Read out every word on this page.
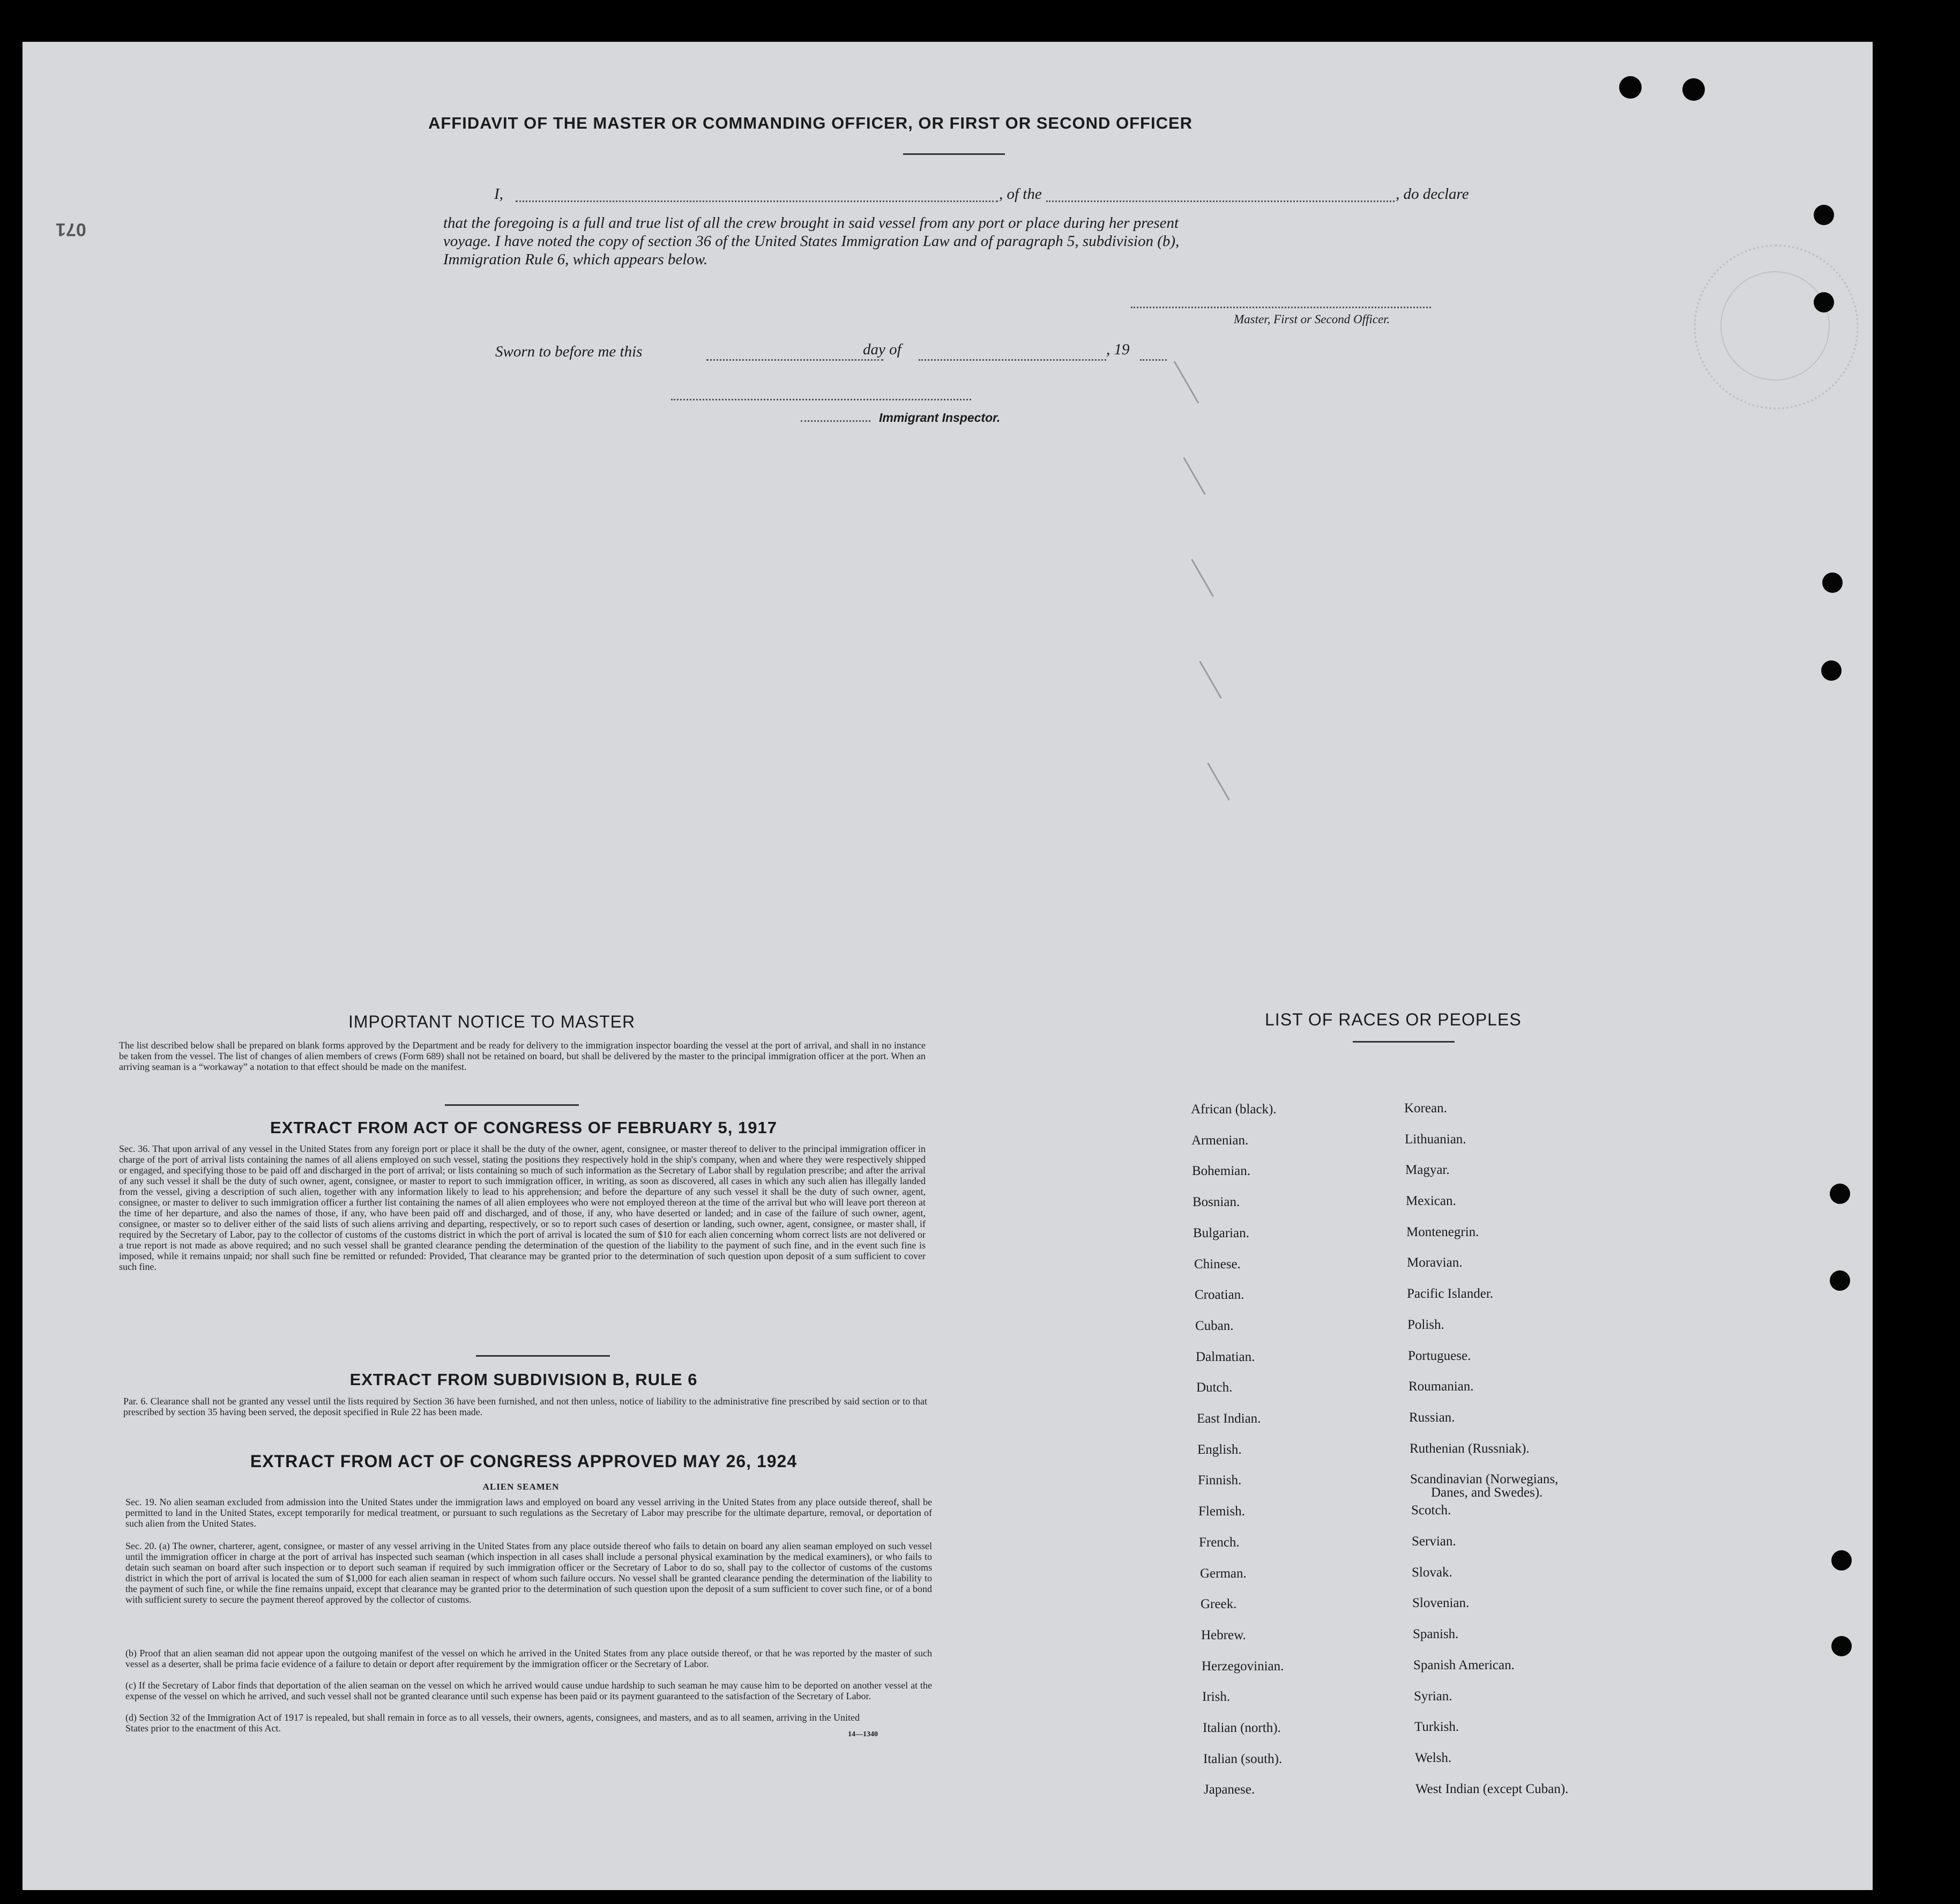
071
AFFIDAVIT OF THE MASTER OR COMMANDING OFFICER, OR FIRST OR SECOND OFFICER
I,	, of the	, do declare
that the foregoing is a full and true list of all the crew brought in said vessel from any port or place during her present
voyage. I have noted the copy of section 36 of the United States Immigration Law and of paragraph 5, subdivision (b),
Immigration Rule 6, which appears below.
Master, First or Second Officer.
Sworn to before me this	day of	, 19
Immigrant Inspector.
IMPORTANT NOTICE TO MASTER
The list described below shall be prepared on blank forms approved by the Department and be ready for delivery to the immigration inspector boarding the vessel at the port of arrival, and shall in no instance be taken from the vessel. The list of changes of alien members of crews (Form 689) shall not be retained on board, but shall be delivered by the master to the principal immigration officer at the port. When an arriving seaman is a “workaway” a notation to that effect should be made on the manifest.
EXTRACT FROM ACT OF CONGRESS OF FEBRUARY 5, 1917
Sec. 36. That upon arrival of any vessel in the United States from any foreign port or place it shall be the duty of the owner, agent, consignee, or master thereof to deliver to the principal immigration officer in charge of the port of arrival lists containing the names of all aliens employed on such vessel, stating the positions they respectively hold in the ship's company, when and where they were respectively shipped or engaged, and specifying those to be paid off and discharged in the port of arrival; or lists containing so much of such information as the Secretary of Labor shall by regulation prescribe; and after the arrival of any such vessel it shall be the duty of such owner, agent, consignee, or master to report to such immigration officer, in writing, as soon as discovered, all cases in which any such alien has illegally landed from the vessel, giving a description of such alien, together with any information likely to lead to his apprehension; and before the departure of any such vessel it shall be the duty of such owner, agent, consignee, or master to deliver to such immigration officer a further list containing the names of all alien employees who were not employed thereon at the time of the arrival but who will leave port thereon at the time of her departure, and also the names of those, if any, who have been paid off and discharged, and of those, if any, who have deserted or landed; and in case of the failure of such owner, agent, consignee, or master so to deliver either of the said lists of such aliens arriving and departing, respectively, or so to report such cases of desertion or landing, such owner, agent, consignee, or master shall, if required by the Secretary of Labor, pay to the collector of customs of the customs district in which the port of arrival is located the sum of $10 for each alien concerning whom correct lists are not delivered or a true report is not made as above required; and no such vessel shall be granted clearance pending the determination of the question of the liability to the payment of such fine, and in the event such fine is imposed, while it remains unpaid; nor shall such fine be remitted or refunded: Provided, That clearance may be granted prior to the determination of such question upon deposit of a sum sufficient to cover such fine.
EXTRACT FROM SUBDIVISION B, RULE 6
Par. 6. Clearance shall not be granted any vessel until the lists required by Section 36 have been furnished, and not then unless, notice of liability to the administrative fine prescribed by said section or to that prescribed by section 35 having been served, the deposit specified in Rule 22 has been made.
EXTRACT FROM ACT OF CONGRESS APPROVED MAY 26, 1924
ALIEN SEAMEN
Sec. 19. No alien seaman excluded from admission into the United States under the immigration laws and employed on board any vessel arriving in the United States from any place outside thereof, shall be permitted to land in the United States, except temporarily for medical treatment, or pursuant to such regulations as the Secretary of Labor may prescribe for the ultimate departure, removal, or deportation of such alien from the United States.
Sec. 20. (a) The owner, charterer, agent, consignee, or master of any vessel arriving in the United States from any place outside thereof who fails to detain on board any alien seaman employed on such vessel until the immigration officer in charge at the port of arrival has inspected such seaman (which inspection in all cases shall include a personal physical examination by the medical examiners), or who fails to detain such seaman on board after such inspection or to deport such seaman if required by such immigration officer or the Secretary of Labor to do so, shall pay to the collector of customs of the customs district in which the port of arrival is located the sum of $1,000 for each alien seaman in respect of whom such failure occurs. No vessel shall be granted clearance pending the determination of the liability to the payment of such fine, or while the fine remains unpaid, except that clearance may be granted prior to the determination of such question upon the deposit of a sum sufficient to cover such fine, or of a bond with sufficient surety to secure the payment thereof approved by the collector of customs.
(b) Proof that an alien seaman did not appear upon the outgoing manifest of the vessel on which he arrived in the United States from any place outside thereof, or that he was reported by the master of such vessel as a deserter, shall be prima facie evidence of a failure to detain or deport after requirement by the immigration officer or the Secretary of Labor.
(c) If the Secretary of Labor finds that deportation of the alien seaman on the vessel on which he arrived would cause undue hardship to such seaman he may cause him to be deported on another vessel at the expense of the vessel on which he arrived, and such vessel shall not be granted clearance until such expense has been paid or its payment guaranteed to the satisfaction of the Secretary of Labor.
(d) Section 32 of the Immigration Act of 1917 is repealed, but shall remain in force as to all vessels, their owners, agents, consignees, and masters, and as to all seamen, arriving in the United States prior to the enactment of this Act.
14—1340
LIST OF RACES OR PEOPLES
African (black).
Armenian.
Bohemian.
Bosnian.
Bulgarian.
Chinese.
Croatian.
Cuban.
Dalmatian.
Dutch.
East Indian.
English.
Finnish.
Flemish.
French.
German.
Greek.
Hebrew.
Herzegovinian.
Irish.
Italian (north).
Italian (south).
Japanese.
Korean.
Lithuanian.
Magyar.
Mexican.
Montenegrin.
Moravian.
Pacific Islander.
Polish.
Portuguese.
Roumanian.
Russian.
Ruthenian (Russniak).
Scandinavian (Norwegians,
Danes, and Swedes).
Scotch.
Servian.
Slovak.
Slovenian.
Spanish.
Spanish American.
Syrian.
Turkish.
Welsh.
West Indian (except Cuban).
